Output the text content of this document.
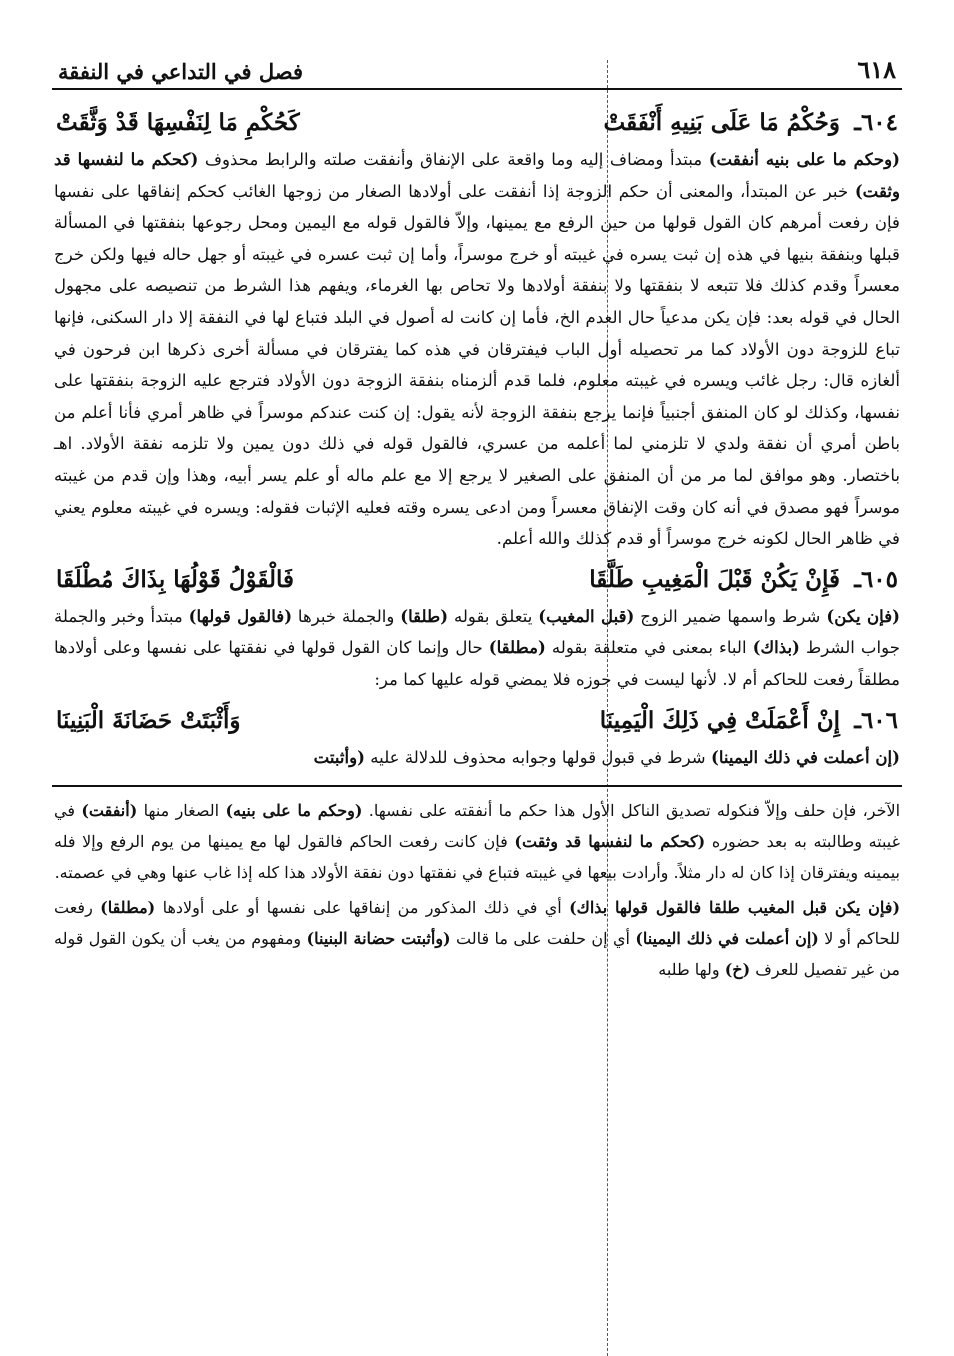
٦١٨
فصل في التداعي في النفقة
٦٠٤ـ
وَحُكْمُ مَا عَلَى بَنِيهِ أَنْفَقَتْ
كَحُكْمِ مَا لِنَفْسِهَا قَدْ وَثَّقَتْ

(وحكم ما على بنيه أنفقت) مبتدأ ومضاف إليه وما واقعة على الإنفاق وأنفقت صلته والرابط محذوف (كحكم ما لنفسها قد وثقت) خبر عن المبتدأ، والمعنى أن حكم الزوجة إذا أنفقت على أولادها الصغار من زوجها الغائب كحكم إنفاقها على نفسها فإن رفعت أمرهم كان القول قولها من حين الرفع مع يمينها، وإلاّ فالقول قوله مع اليمين ومحل رجوعها بنفقتها في المسألة قبلها وبنفقة بنيها في هذه إن ثبت يسره في غيبته أو خرج موسراً، وأما إن ثبت عسره في غيبته أو جهل حاله فيها ولكن خرج معسراً وقدم كذلك فلا تتبعه لا بنفقتها ولا بنفقة أولادها ولا تحاص بها الغرماء، ويفهم هذا الشرط من تنصيصه على مجهول الحال في قوله بعد: فإن يكن مدعياً حال العدم الخ، فأما إن كانت له أصول في البلد فتباع لها في النفقة إلا دار السكنى، فإنها تباع للزوجة دون الأولاد كما مر تحصيله أول الباب فيفترقان في هذه كما يفترقان في مسألة أخرى ذكرها ابن فرحون في ألغازه قال: رجل غائب ويسره في غيبته معلوم، فلما قدم ألزمناه بنفقة الزوجة دون الأولاد فترجع عليه الزوجة بنفقتها على نفسها، وكذلك لو كان المنفق أجنبياً فإنما يرجع بنفقة الزوجة لأنه يقول: إن كنت عندكم موسراً في ظاهر أمري فأنا أعلم من باطن أمري أن نفقة ولدي لا تلزمني لما أعلمه من عسري، فالقول قوله في ذلك دون يمين ولا تلزمه نفقة الأولاد. اهـ باختصار. وهو موافق لما مر من أن المنفق على الصغير لا يرجع إلا مع علم ماله أو علم يسر أبيه، وهذا وإن قدم من غيبته موسراً فهو مصدق في أنه كان وقت الإنفاق معسراً ومن ادعى يسره وقته فعليه الإثبات فقوله: ويسره في غيبته معلوم يعني في ظاهر الحال لكونه خرج موسراً أو قدم كذلك والله أعلم.

٦٠٥ـ
فَإِنْ يَكُنْ قَبْلَ الْمَغِيبِ طَلَّقَا
فَالْقَوْلُ قَوْلُهَا بِذَاكَ مُطْلَقَا

(فإن يكن) شرط واسمها ضمير الزوج (قبل المغيب) يتعلق بقوله (طلقا) والجملة خبرها (فالقول قولها) مبتدأ وخبر والجملة جواب الشرط (بذاك) الباء بمعنى في متعلقة بقوله (مطلقا) حال وإنما كان القول قولها في نفقتها على نفسها وعلى أولادها مطلقاً رفعت للحاكم أم لا. لأنها ليست في حوزه فلا يمضي قوله عليها كما مر:

٦٠٦ـ
إِنْ أَعْمَلَتْ فِي ذَلِكَ الْيَمِينَا
وَأَثْبَتَتْ حَضَانَةَ الْبَنِينَا

(إن أعملت في ذلك اليمينا) شرط في قبول قولها وجوابه محذوف للدلالة عليه (وأثبتت

الآخر، فإن حلف وإلاّ فنكوله تصديق الناكل الأول هذا حكم ما أنفقته على نفسها. (وحكم ما على بنيه) الصغار منها (أنفقت) في غيبته وطالبته به بعد حضوره (كحكم ما لنفسها قد وثقت) فإن كانت رفعت الحاكم فالقول لها مع يمينها من يوم الرفع وإلا فله بيمينه ويفترقان إذا كان له دار مثلاً. وأرادت بيعها في غيبته فتباع في نفقتها دون نفقة الأولاد هذا كله إذا غاب عنها وهي في عصمته.

(فإن يكن قبل المغيب طلقا فالقول قولها بذاك) أي في ذلك المذكور من إنفاقها على نفسها أو على أولادها (مطلقا) رفعت للحاكم أو لا (إن أعملت في ذلك اليمينا) أي إن حلفت على ما قالت (وأثبتت حضانة البنينا) ومفهوم من يغب أن يكون القول قوله من غير تفصيل للعرف (خ) ولها طلبه
